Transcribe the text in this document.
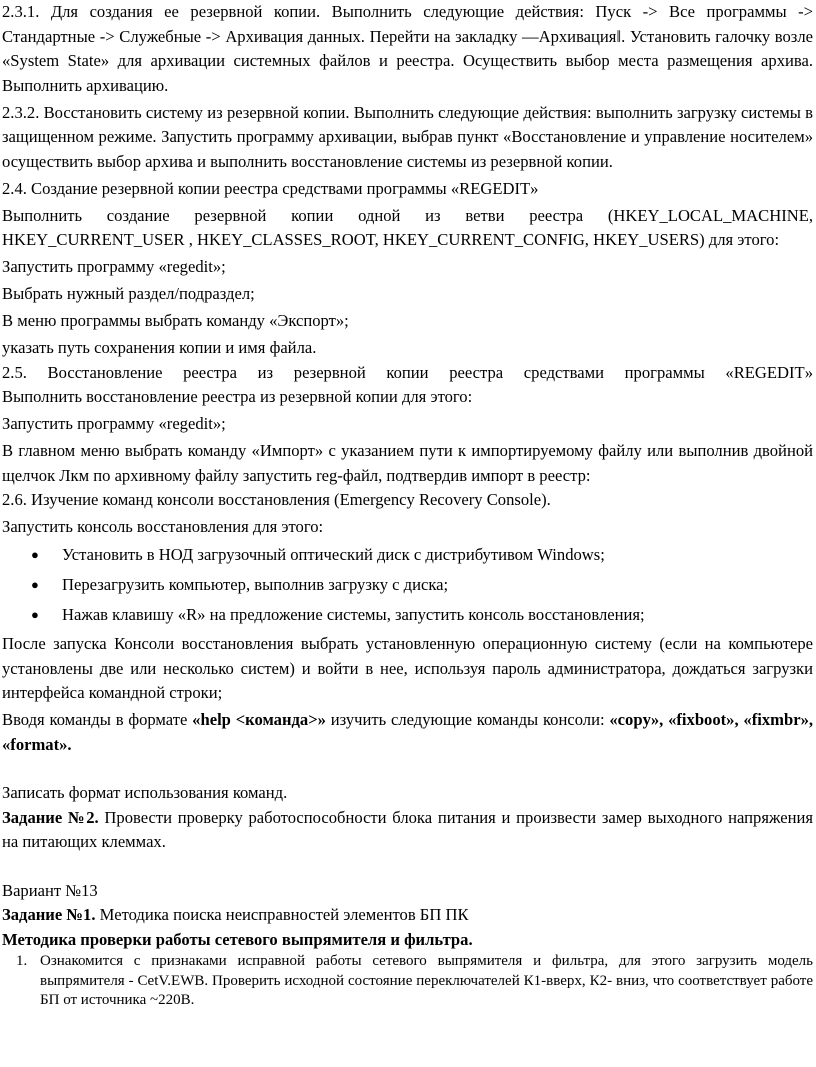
2.3.1. Для создания ее резервной копии. Выполнить следующие действия: Пуск -> Все программы -> Стандартные -> Служебные -> Архивация данных. Перейти на закладку ―Архивация‖. Установить галочку возле «System State» для архивации системных файлов и реестра. Осуществить выбор места размещения архива. Выполнить архивацию.

2.3.2. Восстановить систему из резервной копии. Выполнить следующие действия: выполнить загрузку системы в защищенном режиме. Запустить программу архивации, выбрав пункт «Восстановление и управление носителем» осуществить выбор архива и выполнить восстановление системы из резервной копии.

2.4. Создание резервной копии реестра средствами программы «REGEDIT»

Выполнить создание резервной копии одной из ветви реестра (HKEY_LOCAL_MACHINE, HKEY_CURRENT_USER , HKEY_CLASSES_ROOT, HKEY_CURRENT_CONFIG, HKEY_USERS) для этого:

Запустить программу «regedit»;

Выбрать нужный раздел/подраздел;

В меню программы выбрать команду «Экспорт»;

указать путь сохранения копии и имя файла.

2.5. Восстановление реестра из резервной копии реестра средствами программы «REGEDIT»

Выполнить восстановление реестра из резервной копии для этого:

Запустить программу «regedit»;

В главном меню выбрать команду «Импорт» с указанием пути к импортируемому файлу или выполнив двойной щелчок Лкм по архивному файлу запустить reg-файл, подтвердив импорт в реестр:

2.6. Изучение команд консоли восстановления (Emergency Recovery Console).

Запустить консоль восстановления для этого:

● Установить в НОД загрузочный оптический диск с дистрибутивом Windows;
● Перезагрузить компьютер, выполнив загрузку с диска;
● Нажав клавишу «R» на предложение системы, запустить консоль восстановления;

После запуска Консоли восстановления выбрать установленную операционную систему (если на компьютере установлены две или несколько систем) и войти в нее, используя пароль администратора, дождаться загрузки интерфейса командной строки;

Вводя команды в формате «help <команда>» изучить следующие команды консоли: «copy», «fixboot», «fixmbr», «format».

Записать формат использования команд.

Задание №2. Провести проверку работоспособности блока питания и произвести замер выходного напряжения на питающих клеммах.

Вариант №13

Задание №1. Методика поиска неисправностей элементов БП ПК

Методика проверки работы сетевого выпрямителя и фильтра.

1. Ознакомится с признаками исправной работы сетевого выпрямителя и фильтра, для этого загрузить модель выпрямителя - CetV.EWB. Проверить исходной состояние переключателей К1-вверх, К2- вниз, что соответствует работе БП от источника ~220В.
